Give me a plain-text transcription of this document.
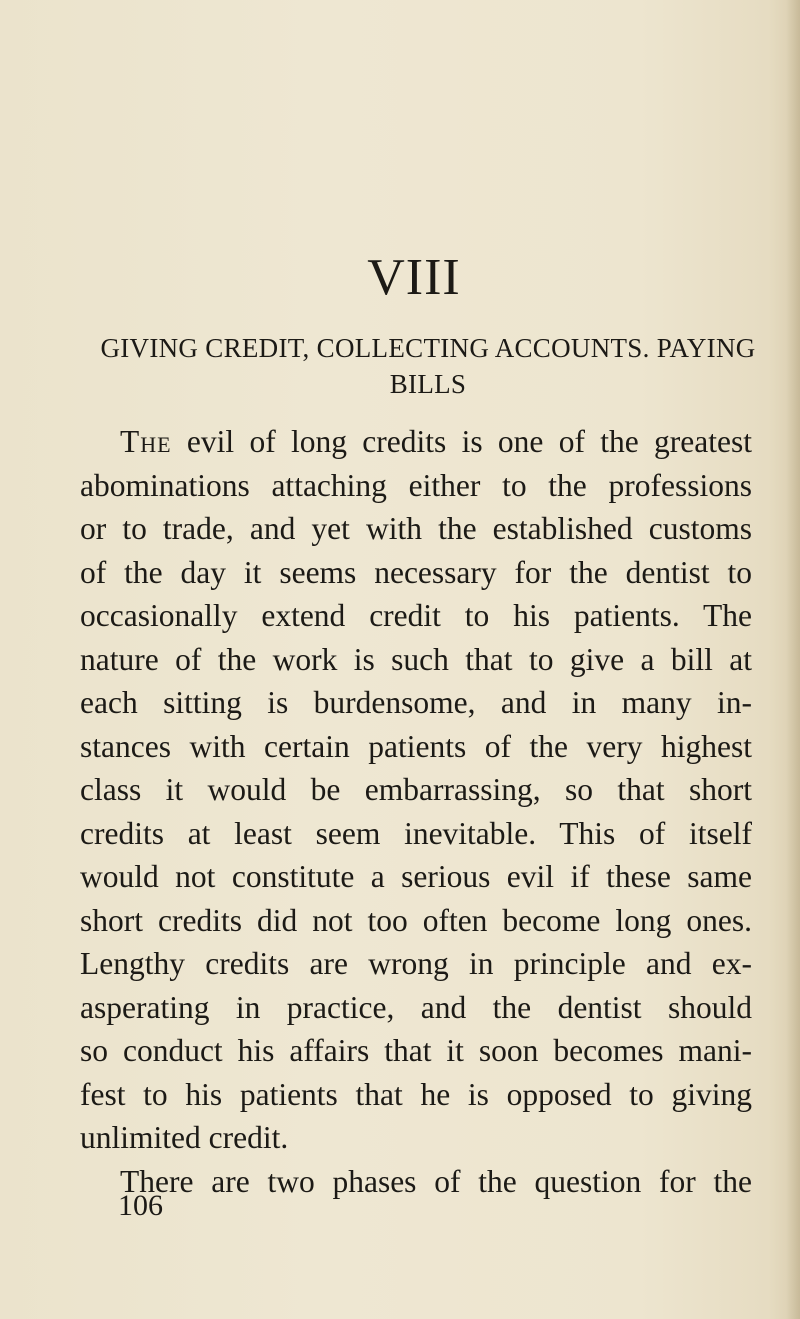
VIII
GIVING CREDIT, COLLECTING ACCOUNTS. PAYING
BILLS
The evil of long credits is one of the greatest
abominations attaching either to the professions
or to trade, and yet with the established customs
of the day it seems necessary for the dentist to
occasionally extend credit to his patients. The
nature of the work is such that to give a bill at
each sitting is burdensome, and in many in-
stances with certain patients of the very highest
class it would be embarrassing, so that short
credits at least seem inevitable. This of itself
would not constitute a serious evil if these same
short credits did not too often become long ones.
Lengthy credits are wrong in principle and ex-
asperating in practice, and the dentist should
so conduct his affairs that it soon becomes mani-
fest to his patients that he is opposed to giving
unlimited credit.
There are two phases of the question for the
106
